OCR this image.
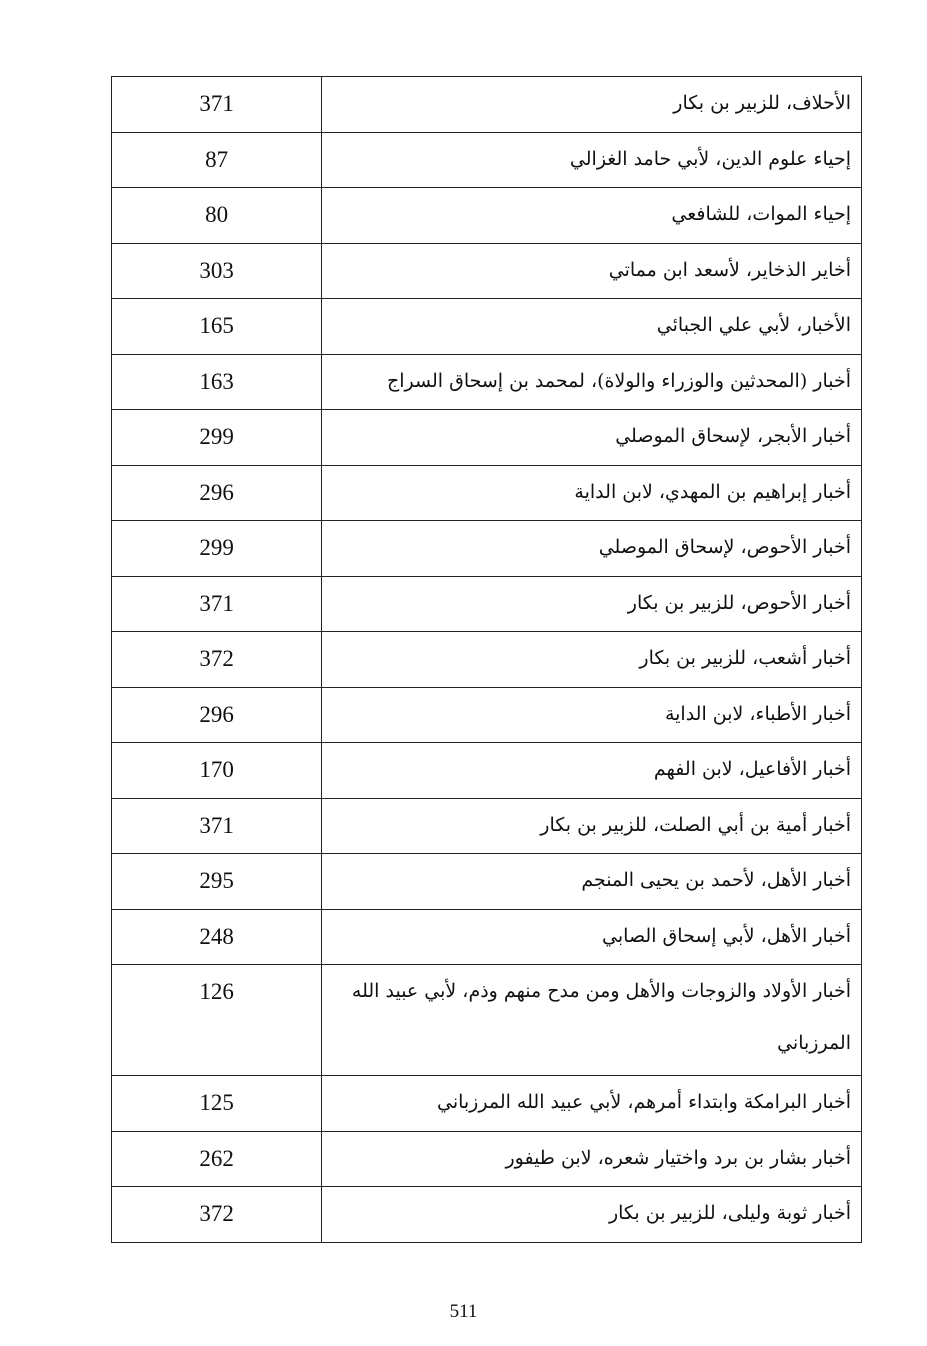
371	الأحلاف، للزبير بن بكار
87	إحياء علوم الدين، لأبي حامد الغزالي
80	إحياء الموات، للشافعي
303	أخاير الذخاير، لأسعد ابن مماتي
165	الأخبار، لأبي علي الجبائي
163	أخبار (المحدثين والوزراء والولاة)، لمحمد بن إسحاق السراج
299	أخبار الأبجر، لإسحاق الموصلي
296	أخبار إبراهيم بن المهدي، لابن الداية
299	أخبار الأحوص، لإسحاق الموصلي
371	أخبار الأحوص، للزبير بن بكار
372	أخبار أشعب، للزبير بن بكار
296	أخبار الأطباء، لابن الداية
170	أخبار الأفاعيل، لابن الفهم
371	أخبار أمية بن أبي الصلت، للزبير بن بكار
295	أخبار الأهل، لأحمد بن يحيى المنجم
248	أخبار الأهل، لأبي إسحاق الصابي
126	أخبار الأولاد والزوجات والأهل ومن مدح منهم وذم، لأبي عبيد الله المرزباني
125	أخبار البرامكة وابتداء أمرهم، لأبي عبيد الله المرزباني
262	أخبار بشار بن برد واختيار شعره، لابن طيفور
372	أخبار ثوبة وليلى، للزبير بن بكار
511
